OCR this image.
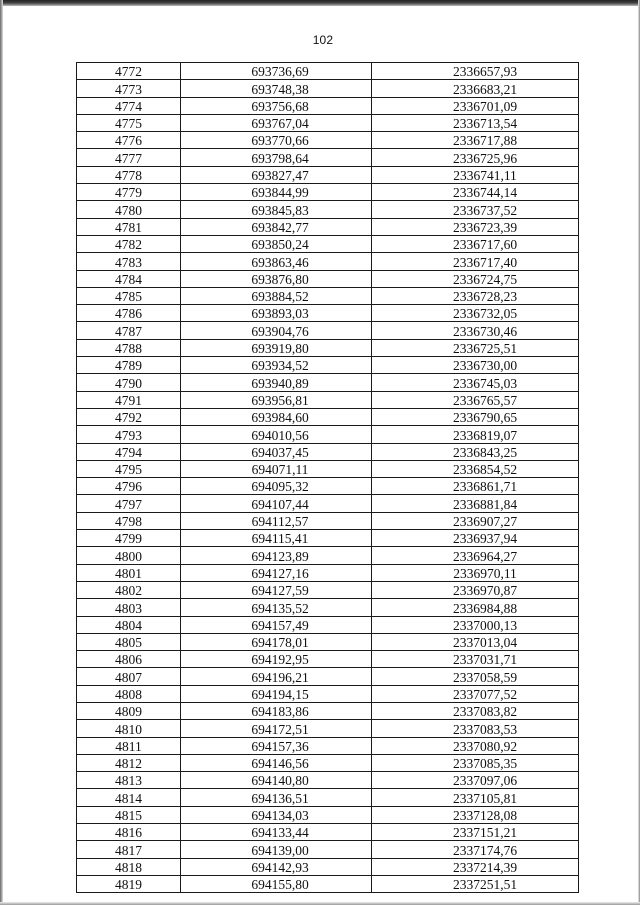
102
4772	693736,69	2336657,93
4773	693748,38	2336683,21
4774	693756,68	2336701,09
4775	693767,04	2336713,54
4776	693770,66	2336717,88
4777	693798,64	2336725,96
4778	693827,47	2336741,11
4779	693844,99	2336744,14
4780	693845,83	2336737,52
4781	693842,77	2336723,39
4782	693850,24	2336717,60
4783	693863,46	2336717,40
4784	693876,80	2336724,75
4785	693884,52	2336728,23
4786	693893,03	2336732,05
4787	693904,76	2336730,46
4788	693919,80	2336725,51
4789	693934,52	2336730,00
4790	693940,89	2336745,03
4791	693956,81	2336765,57
4792	693984,60	2336790,65
4793	694010,56	2336819,07
4794	694037,45	2336843,25
4795	694071,11	2336854,52
4796	694095,32	2336861,71
4797	694107,44	2336881,84
4798	694112,57	2336907,27
4799	694115,41	2336937,94
4800	694123,89	2336964,27
4801	694127,16	2336970,11
4802	694127,59	2336970,87
4803	694135,52	2336984,88
4804	694157,49	2337000,13
4805	694178,01	2337013,04
4806	694192,95	2337031,71
4807	694196,21	2337058,59
4808	694194,15	2337077,52
4809	694183,86	2337083,82
4810	694172,51	2337083,53
4811	694157,36	2337080,92
4812	694146,56	2337085,35
4813	694140,80	2337097,06
4814	694136,51	2337105,81
4815	694134,03	2337128,08
4816	694133,44	2337151,21
4817	694139,00	2337174,76
4818	694142,93	2337214,39
4819	694155,80	2337251,51
